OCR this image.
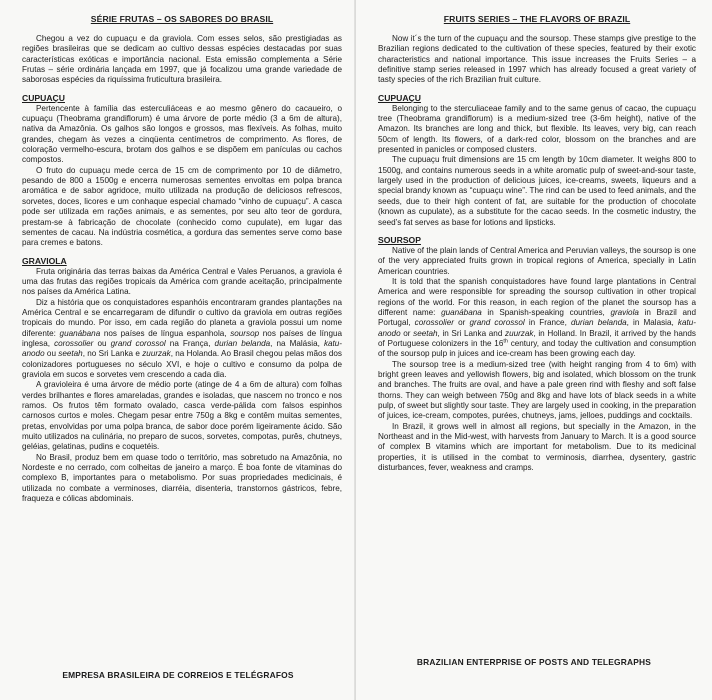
SÉRIE FRUTAS – OS SABORES DO BRASIL

Chegou a vez do cupuaçu e da graviola. Com esses selos, são prestigiadas as regiões brasileiras que se dedicam ao cultivo dessas espécies destacadas por suas características exóticas e importância nacional. Esta emissão complementa a Série Frutas – série ordinária lançada em 1997, que já focalizou uma grande variedade de saborosas espécies da riquíssima fruticultura brasileira.

CUPUAÇU

Pertencente à família das esterculiáceas e ao mesmo gênero do cacaueiro, o cupuaçu (Theobrama grandiflorum) é uma árvore de porte médio (3 a 6m de altura), nativa da Amazônia. Os galhos são longos e grossos, mas flexíveis. As folhas, muito grandes, chegam às vezes a cinqüenta centímetros de comprimento. As flores, de coloração vermelho-escura, brotam dos galhos e se dispõem em panículas ou cachos compostos.

O fruto do cupuaçu mede cerca de 15 cm de comprimento por 10 de diâmetro, pesando de 800 a 1500g e encerra numerosas sementes envoltas em polpa branca aromática e de sabor agridoce, muito utilizada na produção de deliciosos refrescos, sorvetes, doces, licores e um conhaque especial chamado “vinho de cupuaçu”. A casca pode ser utilizada em rações animais, e as sementes, por seu alto teor de gordura, prestam-se à fabricação de chocolate (conhecido como cupulate), em lugar das sementes de cacau. Na indústria cosmética, a gordura das sementes serve como base para cremes e batons.

GRAVIOLA

Fruta originária das terras baixas da América Central e Vales Peruanos, a graviola é uma das frutas das regiões tropicais da América com grande aceitação, principalmente nos países da América Latina.

Diz a história que os conquistadores espanhóis encontraram grandes plantações na América Central e se encarregaram de difundir o cultivo da graviola em outras regiões tropicais do mundo. Por isso, em cada região do planeta a graviola possui um nome diferente: guanábana nos países de língua espanhola, soursop nos países de língua inglesa, corossolier ou grand corossol na França, durian belanda, na Malásia, katu-anodo ou seetah, no Sri Lanka e zuurzak, na Holanda. Ao Brasil chegou pelas mãos dos colonizadores portugueses no século XVI, e hoje o cultivo e consumo da polpa de graviola em sucos e sorvetes vem crescendo a cada dia.

A gravioleira é uma árvore de médio porte (atinge de 4 a 6m de altura) com folhas verdes brilhantes e flores amareladas, grandes e isoladas, que nascem no tronco e nos ramos. Os frutos têm formato ovalado, casca verde-pálida com falsos espinhos carnosos curtos e moles. Chegam pesar entre 750g a 8kg e contêm muitas sementes, pretas, envolvidas por uma polpa branca, de sabor doce porém ligeiramente ácido. São muito utilizados na culinária, no preparo de sucos, sorvetes, compotas, purês, chutneys, geléias, gelatinas, pudins e coquetéis.

No Brasil, produz bem em quase todo o território, mas sobretudo na Amazônia, no Nordeste e no cerrado, com colheitas de janeiro a março. É boa fonte de vitaminas do complexo B, importantes para o metabolismo. Por suas propriedades medicinais, é utilizada no combate a verminoses, diarréia, disenteria, transtornos gástricos, febre, fraqueza e cólicas abdominais.

EMPRESA BRASILEIRA DE CORREIOS E TELÉGRAFOS
FRUITS SERIES – THE FLAVORS OF BRAZIL

Now it´s the turn of the cupuaçu and the soursop. These stamps give prestige to the Brazilian regions dedicated to the cultivation of these species, featured by their exotic characteristics and national importance. This issue increases the Fruits Series – a definitive stamp series released in 1997 which has already focused a great variety of tasty species of the rich Brazilian fruit culture.

CUPUAÇU

Belonging to the sterculiaceae family and to the same genus of cacao, the cupuaçu tree (Theobrama grandiflorum) is a medium-sized tree (3-6m height), native of the Amazon. Its branches are long and thick, but flexible. Its leaves, very big, can reach 50cm of length. Its flowers, of a dark-red color, blossom on the branches and are presented in panicles or composed clusters.

The cupuaçu fruit dimensions are 15 cm length by 10cm diameter. It weighs 800 to 1500g, and contains numerous seeds in a white aromatic pulp of sweet-and-sour taste, largely used in the production of delicious juices, ice-creams, sweets, liqueurs and a special brandy known as “cupuaçu wine”. The rind can be used to feed animals, and the seeds, due to their high content of fat, are suitable for the production of chocolate (known as cupulate), as a substitute for the cacao seeds. In the cosmetic industry, the seed’s fat serves as base for lotions and lipsticks.

SOURSOP

Native of the plain lands of Central America and Peruvian valleys, the soursop is one of the very appreciated fruits grown in tropical regions of America, specially in Latin American countries.

It is told that the spanish conquistadores have found large plantations in Central America and were responsible for spreading the soursop cultivation in other tropical regions of the world. For this reason, in each region of the planet the soursop has a different name: guanábana in Spanish-speaking countries, graviola in Brazil and Portugal, corossolier or grand corossol in France, durian belanda, in Malasia, katu-anodo or seetah, in Sri Lanka and zuurzak, in Holland. In Brazil, it arrived by the hands of Portuguese colonizers in the 16th century, and today the cultivation and consumption of the soursop pulp in juices and ice-cream has been growing each day.

The soursop tree is a medium-sized tree (with height ranging from 4 to 6m) with bright green leaves and yellowish flowers, big and isolated, which blossom on the trunk and branches. The fruits are oval, and have a pale green rind with fleshy and soft false thorns. They can weigh between 750g and 8kg and have lots of black seeds in a white pulp, of sweet but slightly sour taste. They are largely used in cooking, in the preparation of juices, ice-cream, compotes, purées, chutneys, jams, jelloes, puddings and cocktails.

In Brazil, it grows well in almost all regions, but specially in the Amazon, in the Northeast and in the Mid-west, with harvests from January to March. It is a good source of complex B vitamins which are important for metabolism. Due to its medicinal properties, it is utilised in the combat to verminosis, diarrhea, dysentery, gastric disturbances, fever, weakness and cramps.

BRAZILIAN ENTERPRISE OF POSTS AND TELEGRAPHS
